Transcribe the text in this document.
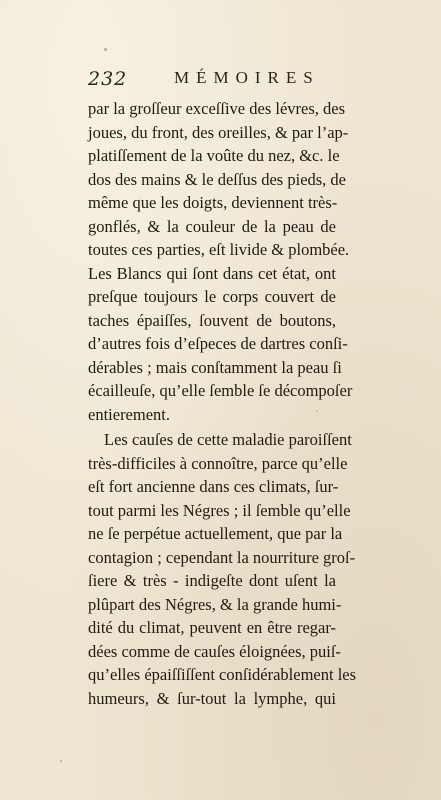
232	MÉMOIRES
par la groſſeur exceſſive des lévres, des
joues, du front, des oreilles, & par l’ap-
platiſſement de la voûte du nez, &c. le
dos des mains & le deſſus des pieds, de
même que les doigts, deviennent très-
gonflés, & la couleur de la peau de
toutes ces parties, eſt livide & plombée.
Les Blancs qui ſont dans cet état, ont
preſque toujours le corps couvert de
taches épaiſſes, ſouvent de boutons,
d’autres fois d’eſpeces de dartres conſi-
dérables ; mais conſtamment la peau ſi
écailleuſe, qu’elle ſemble ſe décompoſer
entierement.
Les cauſes de cette maladie paroiſſent
très-difficiles à connoître, parce qu’elle
eſt fort ancienne dans ces climats, ſur-
tout parmi les Négres ; il ſemble qu’elle
ne ſe perpétue actuellement, que par la
contagion ; cependant la nourriture groſ-
ſiere & très - indigeſte dont uſent la
plûpart des Négres, & la grande humi-
dité du climat, peuvent en être regar-
dées comme de cauſes éloignées, puiſ-
qu’elles épaiſſiſſent conſidérablement les
humeurs, & ſur-tout la lymphe, qui
